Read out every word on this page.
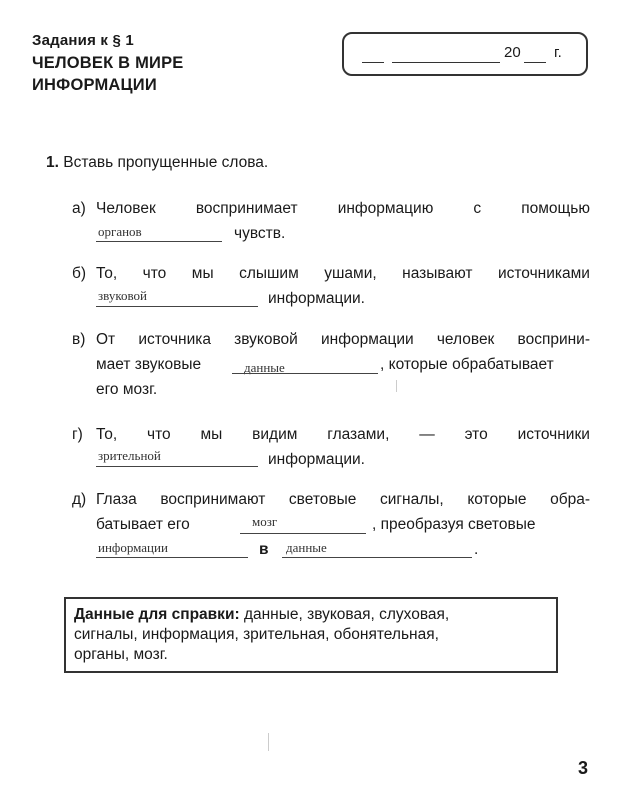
Задания к § 1
ЧЕЛОВЕК В МИРЕ
ИНФОРМАЦИИ
20 г.
1. Вставь пропущенные слова.
а) Человек	воспринимает	информацию	с	помощью
органов	чувств.
б) То, что мы слышим ушами, называют источниками
звуковой	информации.
в) От источника звуковой информации человек восприни-
мает звуковые	данные	, которые обрабатывает
его мозг.
г) То, что мы видим глазами, — это источники
зрительной	информации.
д) Глаза воспринимают световые сигналы, которые обра-
батывает его	мозг	, преобразуя световые
информации	в данные	.
Данные для справки: данные, звуковая, слуховая,
сигналы, информация, зрительная, обонятельная,
органы, мозг.
3
